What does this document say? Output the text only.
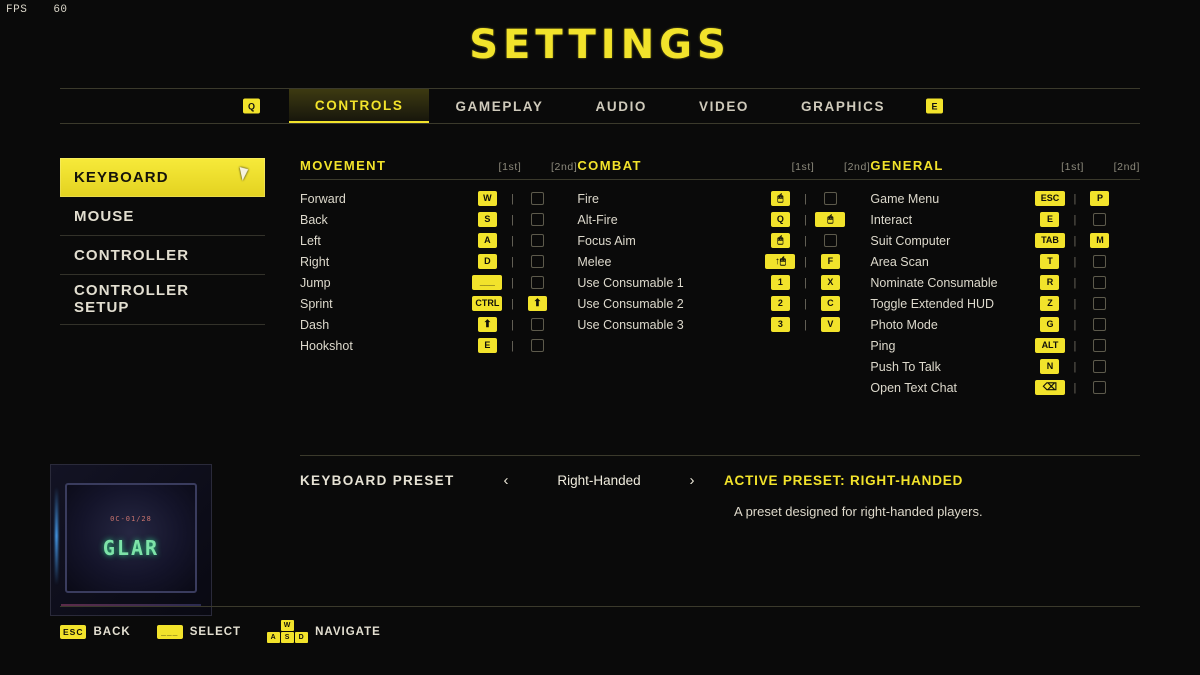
FPS 60
SETTINGS
Q	CONTROLS	GAMEPLAY	AUDIO	VIDEO	GRAPHICS	E
KEYBOARD
MOUSE
CONTROLLER
CONTROLLER
SETUP
MOVEMENT	[1st]	[2nd]
Forward	W	|
Back	S	|
Left	A	|
Right	D	|
Jump	___	|
Sprint	CTRL	|	⬆
Dash	⬆	|
Hookshot	E	|
COMBAT	[1st]	[2nd]
Fire	🖱	|
Alt-Fire	Q	|	🖱
Focus Aim	🖱	|
Melee	↑🖱	|	F
Use Consumable 1	1	|	X
Use Consumable 2	2	|	C
Use Consumable 3	3	|	V
GENERAL	[1st]	[2nd]
Game Menu	ESC	|	P
Interact	E	|
Suit Computer	TAB	|	M
Area Scan	T	|
Nominate Consumable	R	|
Toggle Extended HUD	Z	|
Photo Mode	G	|
Ping	ALT	|
Push To Talk	N	|
Open Text Chat	⌫	|
KEYBOARD PRESET	‹	Right-Handed	›	ACTIVE PRESET: RIGHT-HANDED
A preset designed for right-handed players.
0C-01/28
GLAR
ESC BACK	___ SELECT	W
A	S	D NAVIGATE
